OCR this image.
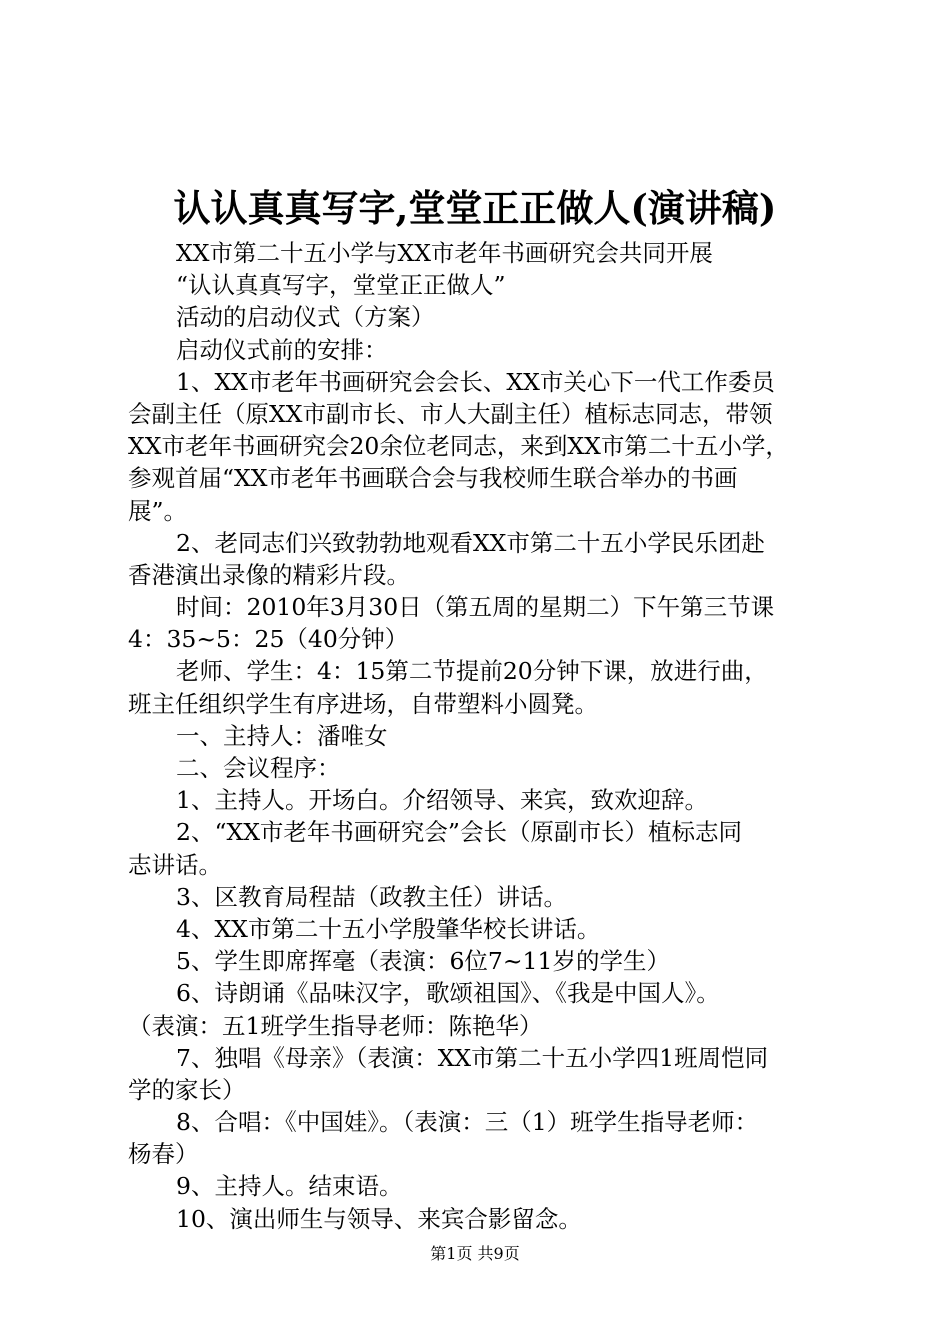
认认真真写字,堂堂正正做人(演讲稿)
XX市第二十五小学与XX市老年书画研究会共同开展
“认认真真写字，堂堂正正做人”
活动的启动仪式（方案）
启动仪式前的安排：
1、XX市老年书画研究会会长、XX市关心下一代工作委员
会副主任（原XX市副市长、市人大副主任）植标志同志，带领
XX市老年书画研究会20余位老同志，来到XX市第二十五小学，
参观首届“XX市老年书画联合会与我校师生联合举办的书画
展”。
2、老同志们兴致勃勃地观看XX市第二十五小学民乐团赴
香港演出录像的精彩片段。
时间：2010年3月30日（第五周的星期二）下午第三节课
4：35~5：25（40分钟）
老师、学生：4：15第二节提前20分钟下课，放进行曲，
班主任组织学生有序进场，自带塑料小圆凳。
一、主持人：潘唯女
二、会议程序：
1、主持人。开场白。介绍领导、来宾，致欢迎辞。
2、“XX市老年书画研究会”会长（原副市长）植标志同
志讲话。
3、区教育局程喆（政教主任）讲话。
4、XX市第二十五小学殷肇华校长讲话。
5、学生即席挥毫（表演：6位7~11岁的学生）
6、诗朗诵《品味汉字，歌颂祖国》、《我是中国人》。
（表演：五1班学生指导老师：陈艳华）
7、独唱《母亲》（表演：XX市第二十五小学四1班周恺同
学的家长）
8、合唱：《中国娃》。（表演：三（1）班学生指导老师：
杨春）
9、主持人。结束语。
10、演出师生与领导、来宾合影留念。
第1页 共9页
